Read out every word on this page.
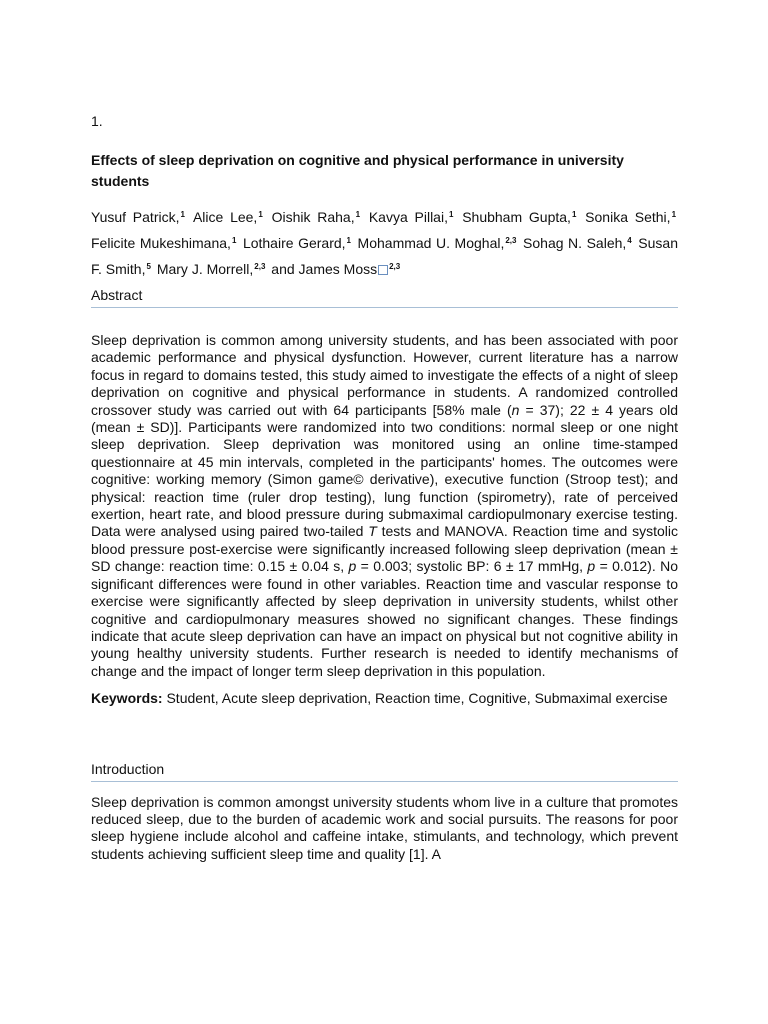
1.

Effects of sleep deprivation on cognitive and physical performance in university students

Yusuf Patrick,$^1$ Alice Lee,$^1$ Oishik Raha,$^1$ Kavya Pillai,$^1$ Shubham Gupta,$^1$ Sonika Sethi,$^1$ Felicite Mukeshimana,$^1$ Lothaire Gerard,$^1$ Mohammad U. Moghal,$^{2,3}$ Sohag N. Saleh,$^4$ Susan F. Smith,$^5$ Mary J. Morrell,$^{2,3}$ and James Moss $^{2,3}$

Abstract

Sleep deprivation is common among university students, and has been associated with poor academic performance and physical dysfunction. However, current literature has a narrow focus in regard to domains tested, this study aimed to investigate the effects of a night of sleep deprivation on cognitive and physical performance in students. A randomized controlled crossover study was carried out with 64 participants [58% male (n = 37); 22 ± 4 years old (mean ± SD)]. Participants were randomized into two conditions: normal sleep or one night sleep deprivation. Sleep deprivation was monitored using an online time-stamped questionnaire at 45 min intervals, completed in the participants' homes. The outcomes were cognitive: working memory (Simon game© derivative), executive function (Stroop test); and physical: reaction time (ruler drop testing), lung function (spirometry), rate of perceived exertion, heart rate, and blood pressure during submaximal cardiopulmonary exercise testing. Data were analysed using paired two-tailed T tests and MANOVA. Reaction time and systolic blood pressure post-exercise were significantly increased following sleep deprivation (mean ± SD change: reaction time: 0.15 ± 0.04 s, p = 0.003; systolic BP: 6 ± 17 mmHg, p = 0.012). No significant differences were found in other variables. Reaction time and vascular response to exercise were significantly affected by sleep deprivation in university students, whilst other cognitive and cardiopulmonary measures showed no significant changes. These findings indicate that acute sleep deprivation can have an impact on physical but not cognitive ability in young healthy university students. Further research is needed to identify mechanisms of change and the impact of longer term sleep deprivation in this population.

Keywords: Student, Acute sleep deprivation, Reaction time, Cognitive, Submaximal exercise

Introduction

Sleep deprivation is common amongst university students whom live in a culture that promotes reduced sleep, due to the burden of academic work and social pursuits. The reasons for poor sleep hygiene include alcohol and caffeine intake, stimulants, and technology, which prevent students achieving sufficient sleep time and quality [1]. A
